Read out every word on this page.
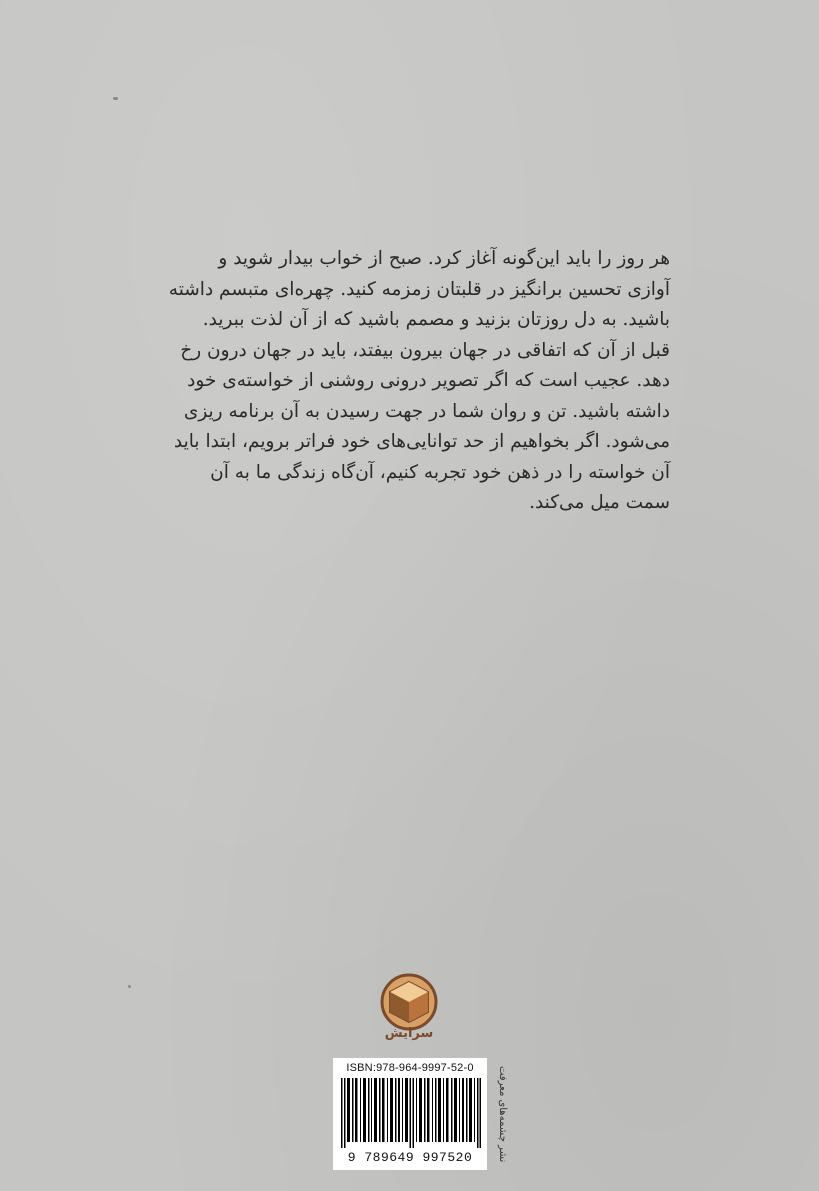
هر روز را باید این‌گونه آغاز کرد. صبح از خواب بیدار شوید و

آوازی تحسین برانگیز در قلبتان زمزمه کنید. چهره‌ای متبسم داشته

باشید. به دل روزتان بزنید و مصمم باشید که از آن لذت ببرید.

قبل از آن که اتفاقی در جهان بیرون بیفتد، باید در جهان درون رخ

دهد. عجیب است که اگر تصویر درونی روشنی از خواسته‌ی خود

داشته باشید. تن و روان شما در جهت رسیدن به آن برنامه ریزی

می‌شود. اگر بخواهیم از حد توانایی‌های خود فراتر برویم، ابتدا باید

آن خواسته را در ذهن خود تجربه کنیم، آن‌گاه زندگی ما به آن

سمت میل می‌کند.

سرایش
ISBN:978-964-9997-52-0
9 789649 997520	نشر چشمه‌های معرفت
